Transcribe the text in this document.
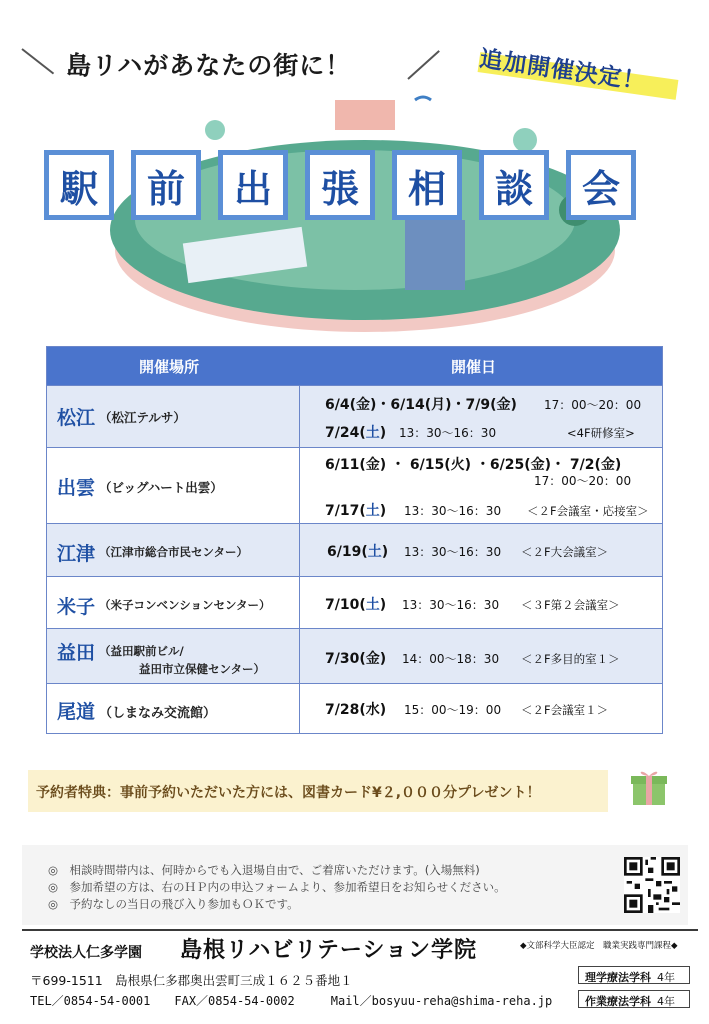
島リハがあなたの街に！	追加開催決定！
駅	前	出	張	相	談	会
開催場所	開催日
松江 （松江テルサ）
6/4(金)・6/14(月)・7/9(金) 17：00～20：00
7/24(土) 13：30～16：30	<4F研修室>
出雲 （ビッグハート出雲）
6/11(金) ・ 6/15(火) ・6/25(金)・ 7/2(金)
17：00～20：00
7/17(土) 13：30～16：30 ＜２F会議室・応接室＞
江津 （江津市総合市民センター）	6/19(土) 13：30～16：30 ＜２F大会議室＞
米子 （米子コンベンションセンター）	7/10(土) 13：30～16：30 ＜３F第２会議室＞
益田 （益田駅前ビル/
益田市立保健センター）
7/30(金) 14：00～18：30 ＜２F多目的室１＞
尾道 （しまなみ交流館）	7/28(水) 15：00～19：00 ＜２F会議室１＞
予約者特典：事前予約いただいた方には、図書カード¥２,０００分プレゼント！
◎　相談時間帯内は、何時からでも入退場自由で、ご着席いただけます。(入場無料)
◎　参加希望の方は、右のＨＰ内の申込フォームより、参加希望日をお知らせください。
◎　予約なしの当日の飛び入り参加もＯＫです。
学校法人仁多学園 島根リハビリテーション学院	◆文部科学大臣認定　職業実践専門課程◆
〒699-1511　島根県仁多郡奥出雲町三成１６２５番地１
TEL／0854-54-0001　　FAX／0854-54-0002　　　Mail／bosyuu-reha@shima-reha.jp
理学療法学科 4年
作業療法学科 4年
